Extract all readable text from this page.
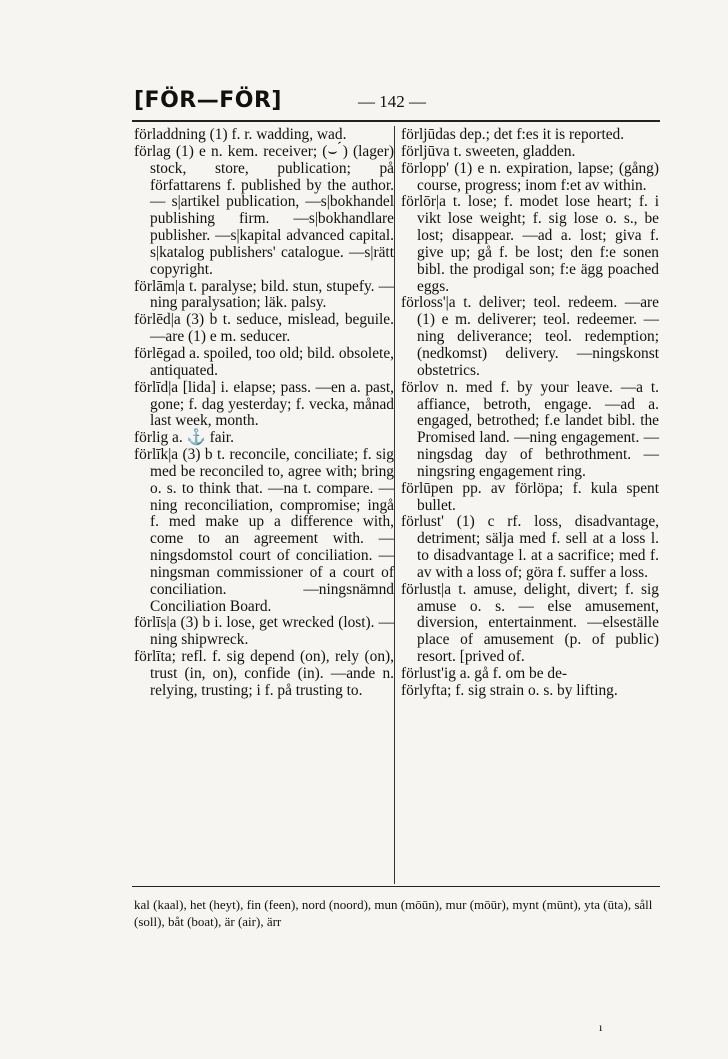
[FÖR—FÖR]	— 142 —

förladdning (1) f. r. wadding, wad.

förlag (1) e n. kem. receiver; (⌣ ́) (lager) stock, store, publication; på författarens f. published by the author. — s|artikel publication, —s|bokhandel publishing firm. —s|bokhandlare publisher. —s|kapital advanced capital. s|katalog publishers' catalogue. —s|rätt copyright.

förlām|a t. paralyse; bild. stun, stupefy. —ning paralysation; läk. palsy.

förlēd|a (3) b t. seduce, mislead, beguile. —are (1) e m. seducer.

förlēgad a. spoiled, too old; bild. obsolete, antiquated.

förlīd|a [lida] i. elapse; pass. —en a. past, gone; f. dag yesterday; f. vecka, månad last week, month.

förlig a. ⚓ fair.

förlīk|a (3) b t. reconcile, conciliate; f. sig med be reconciled to, agree with; bring o. s. to think that. —na t. compare. —ning reconciliation, compromise; ingå f. med make up a difference with, come to an agreement with. —ningsdomstol court of conciliation. —ningsman commissioner of a court of conciliation. —ningsnämnd Conciliation Board.

förlīs|a (3) b i. lose, get wrecked (lost). —ning shipwreck.

förlīta; refl. f. sig depend (on), rely (on), trust (in, on), confide (in). —ande n. relying, trusting; i f. på trusting to.

förljūdas dep.; det f:es it is reported.

förljūva t. sweeten, gladden.

förlopp' (1) e n. expiration, lapse; (gång) course, progress; inom f:et av within.

förlōr|a t. lose; f. modet lose heart; f. i vikt lose weight; f. sig lose o. s., be lost; disappear. —ad a. lost; giva f. give up; gå f. be lost; den f:e sonen bibl. the prodigal son; f:e ägg poached eggs.

förloss'|a t. deliver; teol. redeem. —are (1) e m. deliverer; teol. redeemer. —ning deliverance; teol. redemption; (nedkomst) delivery. —ningskonst obstetrics.

förlov n. med f. by your leave. —a t. affiance, betroth, engage. —ad a. engaged, betrothed; f.e landet bibl. the Promised land. —ning engagement. — ningsdag day of bethrothment. —ningsring engagement ring.

förlūpen pp. av förlöpa; f. kula spent bullet.

förlust' (1) c rf. loss, disadvantage, detriment; sälja med f. sell at a loss l. to disadvantage l. at a sacrifice; med f. av with a loss of; göra f. suffer a loss.

förlust|a t. amuse, delight, divert; f. sig amuse o. s. — else amusement, diversion, entertainment. —elseställe place of amusement (p. of public) resort. [prived of.

förlust'ig a. gå f. om be de-

förlyfta; f. sig strain o. s. by lifting.

kal (kaal), het (heyt), fin (feen), nord (noord), mun (mōūn), mur (mōūr), mynt (mūnt), yta (ūta), såll (soll), båt (boat), är (air), ärr
ı
